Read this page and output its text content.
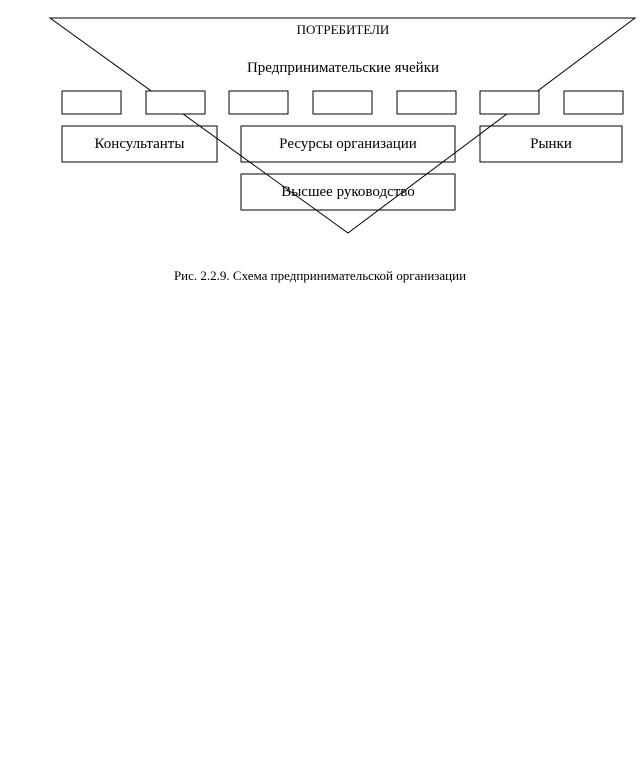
ПОТРЕБИТЕЛИ
Предпринимательские ячейки
Консультанты	Ресурсы организации	Рынки
Высшее руководство
Рис. 2.2.9. Схема предпринимательской организации
